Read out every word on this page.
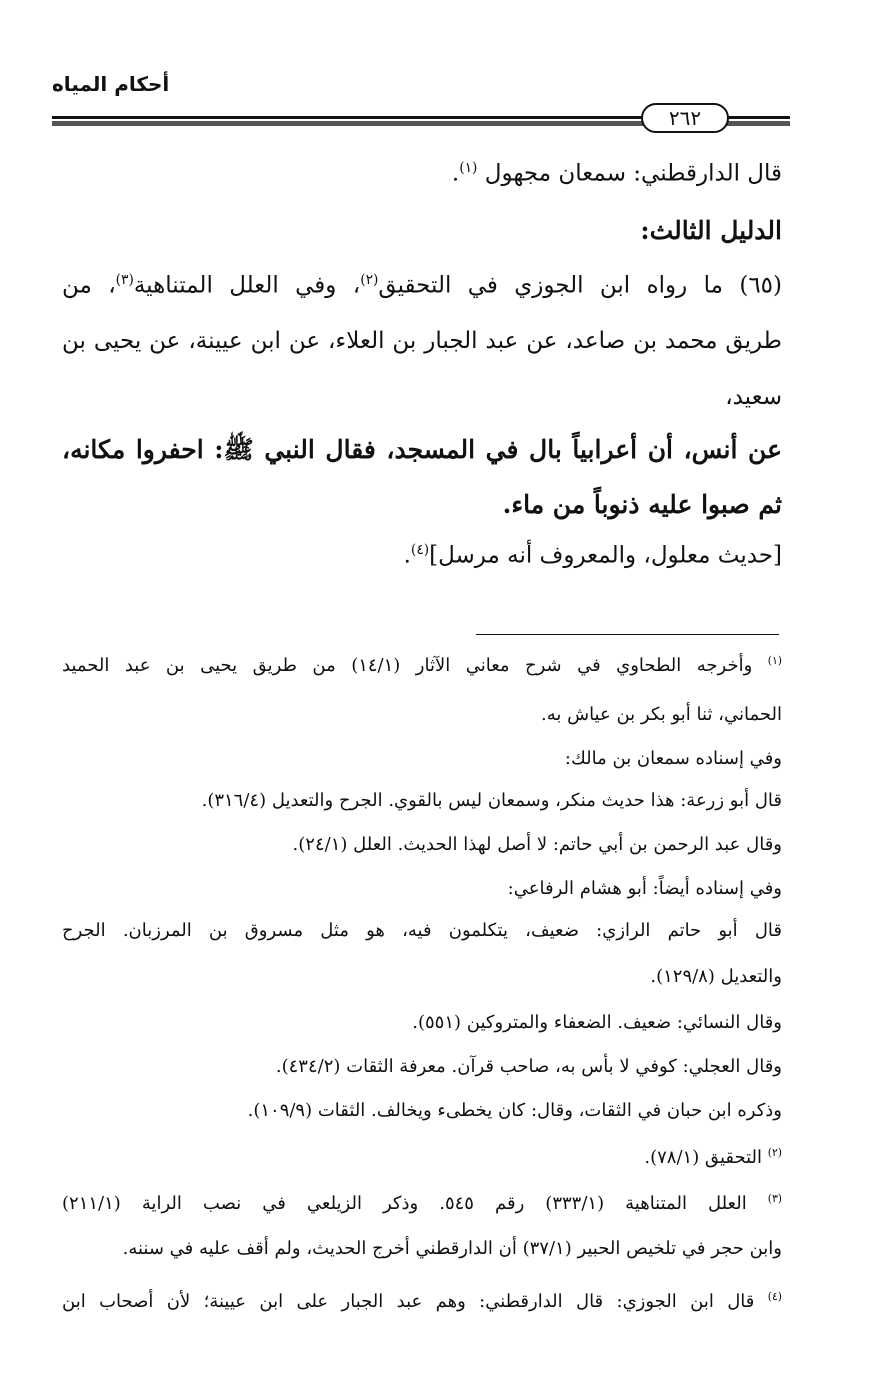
أحكام المياه
٢٦٢
قال الدارقطني: سمعان مجهول $^{(١)}$.
الدليل الثالث:
(٦٥) ما رواه ابن الجوزي في التحقيق$^{(٢)}$، وفي العلل المتناهية$^{(٣)}$، من
طريق محمد بن صاعد، عن عبد الجبار بن العلاء، عن ابن عيينة، عن يحيى بن
سعيد،
عن أنس، أن أعرابياً بال في المسجد، فقال النبي ﷺ: احفروا مكانه،
ثم صبوا عليه ذنوباً من ماء.
[حديث معلول، والمعروف أنه مرسل]$^{(٤)}$.
$^{(١)}$ وأخرجه الطحاوي في شرح معاني الآثار (١٤/١) من طريق يحيى بن عبد الحميد
الحماني، ثنا أبو بكر بن عياش به.
وفي إسناده سمعان بن مالك:
قال أبو زرعة: هذا حديث منكر، وسمعان ليس بالقوي. الجرح والتعديل (٣١٦/٤).
وقال عبد الرحمن بن أبي حاتم: لا أصل لهذا الحديث. العلل (٢٤/١).
وفي إسناده أيضاً: أبو هشام الرفاعي:
قال أبو حاتم الرازي: ضعيف، يتكلمون فيه، هو مثل مسروق بن المرزبان. الجرح
والتعديل (١٢٩/٨).
وقال النسائي: ضعيف. الضعفاء والمتروكين (٥٥١).
وقال العجلي: كوفي لا بأس به، صاحب قرآن. معرفة الثقات (٤٣٤/٢).
وذكره ابن حبان في الثقات، وقال: كان يخطىء ويخالف. الثقات (١٠٩/٩).
$^{(٢)}$ التحقيق (٧٨/١).
$^{(٣)}$ العلل المتناهية (٣٣٣/١) رقم ٥٤٥. وذكر الزيلعي في نصب الراية (٢١١/١)
وابن حجر في تلخيص الحبير (٣٧/١) أن الدارقطني أخرج الحديث، ولم أقف عليه في سننه.
$^{(٤)}$ قال ابن الجوزي: قال الدارقطني: وهم عبد الجبار على ابن عيينة؛ لأن أصحاب ابن
